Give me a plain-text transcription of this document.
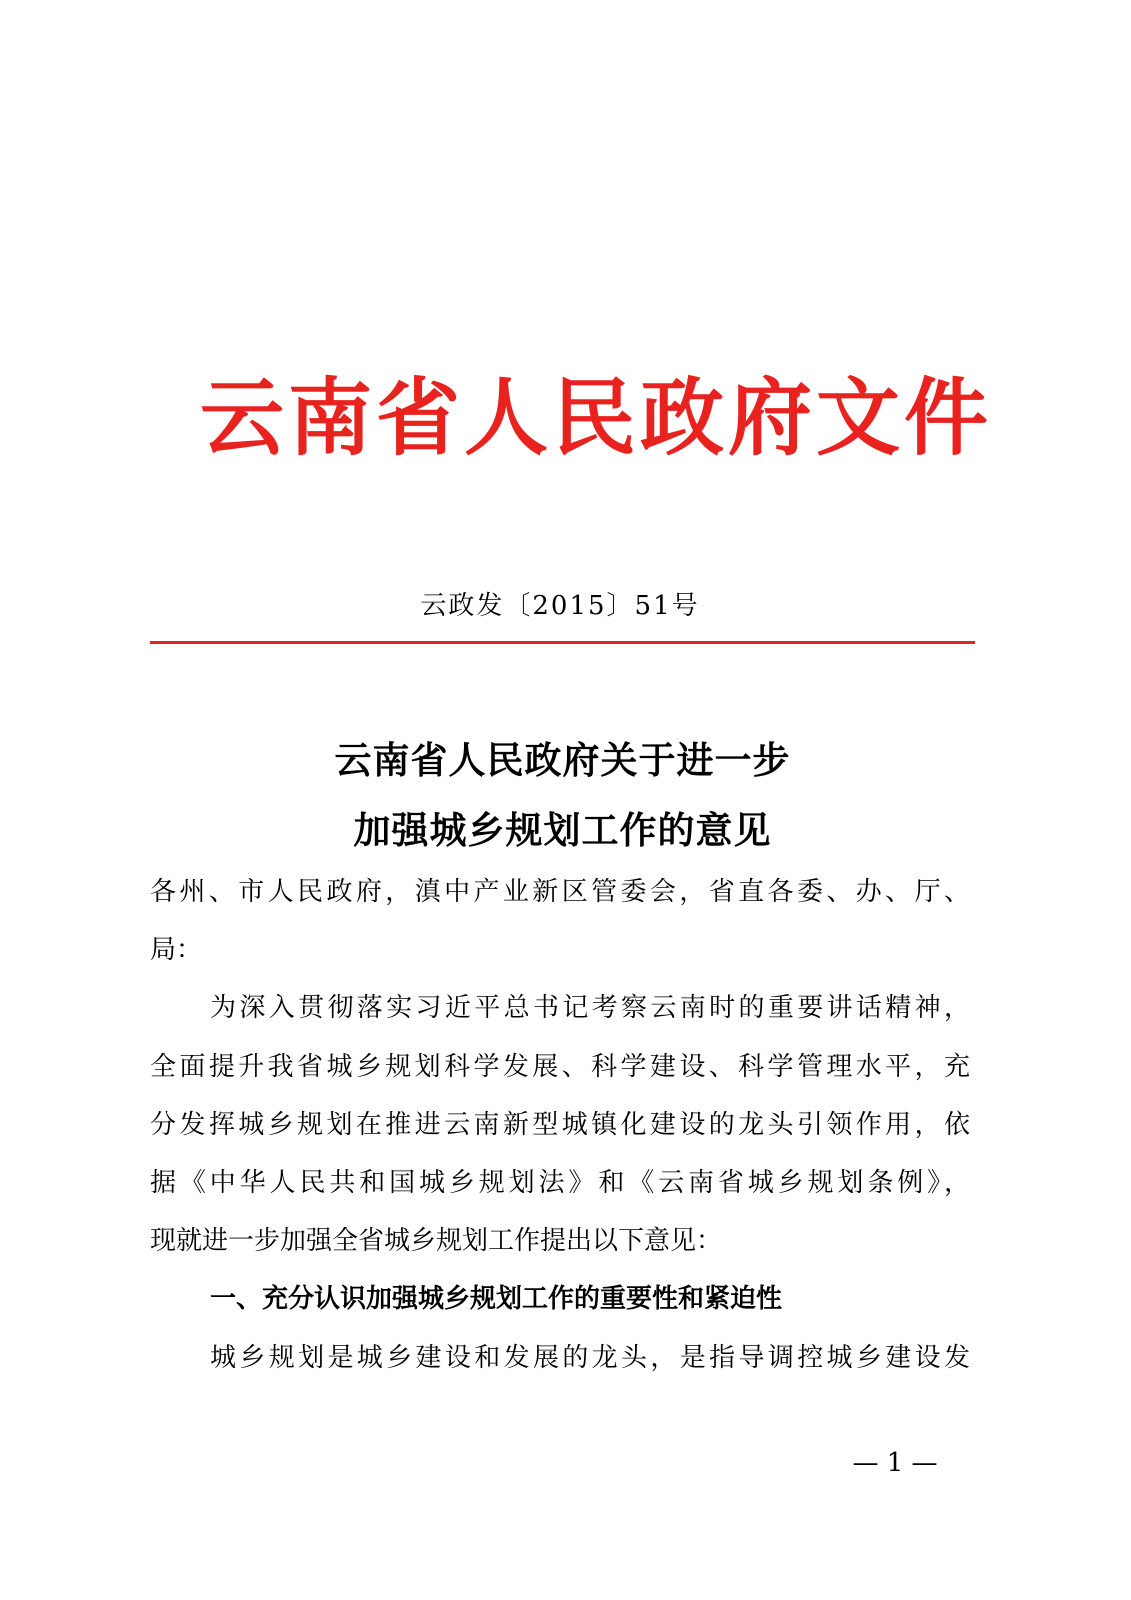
云南省人民政府文件
云政发〔2015〕51号
云南省人民政府关于进一步
加强城乡规划工作的意见
各州、市人民政府，滇中产业新区管委会，省直各委、办、厅、
局：
为深入贯彻落实习近平总书记考察云南时的重要讲话精神，
全面提升我省城乡规划科学发展、科学建设、科学管理水平，充
分发挥城乡规划在推进云南新型城镇化建设的龙头引领作用，依
据《中华人民共和国城乡规划法》和《云南省城乡规划条例》，
现就进一步加强全省城乡规划工作提出以下意见：
一、充分认识加强城乡规划工作的重要性和紧迫性
城乡规划是城乡建设和发展的龙头，是指导调控城乡建设发
— 1 —
